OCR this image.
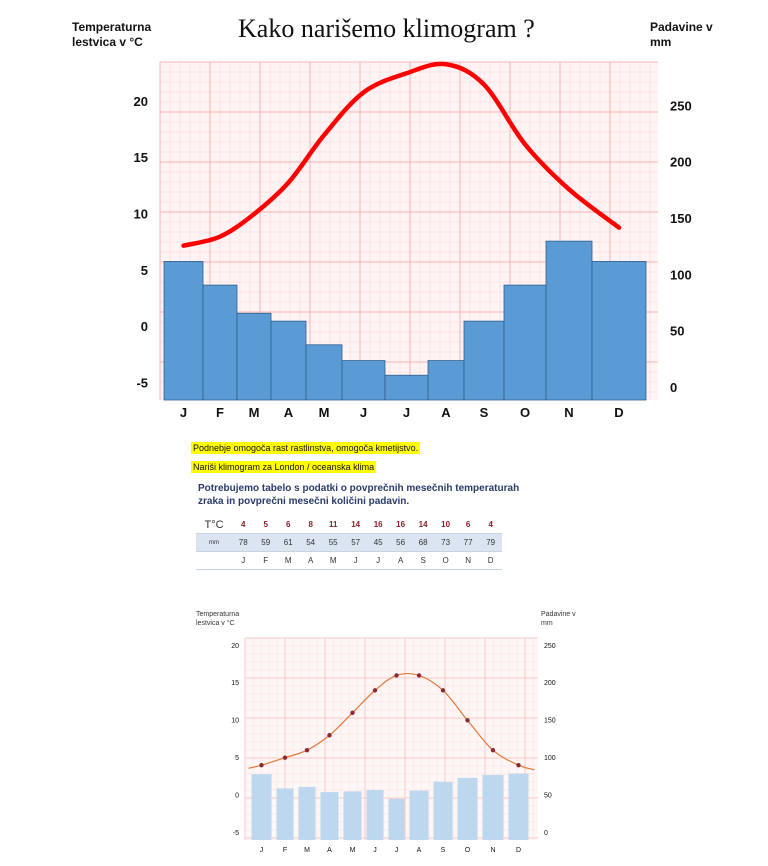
Kako narišemo klimogram ?
Temperaturna
lestvica v °C
Padavine v
mm
20
15
10
5
0
-5
250
200
150
100
50
0
J F M A M J	J A S O	N	D
Podnebje omogoča rast rastlinstva, omogoča kmetijstvo.
Nariši klimogram za London / oceanska klima
Potrebujemo tabelo s podatki o povprečnih mesečnih temperaturah
zraka in povprečni mesečni količini padavin.
T°C	4	5	6	8	11	14	16	16	14	10	6	4
mm	78	59	61	54	55	57	45	56	68	73	77	79
	J	F	M	A	M	J	J	A	S	O	N	D
Temperaturna
lestvica v °C
Padavine v
mm
20
15
10
5
0
-5
250
200
150
100
50
0
J	F M A	M	J	J	A	S	O	N	D
